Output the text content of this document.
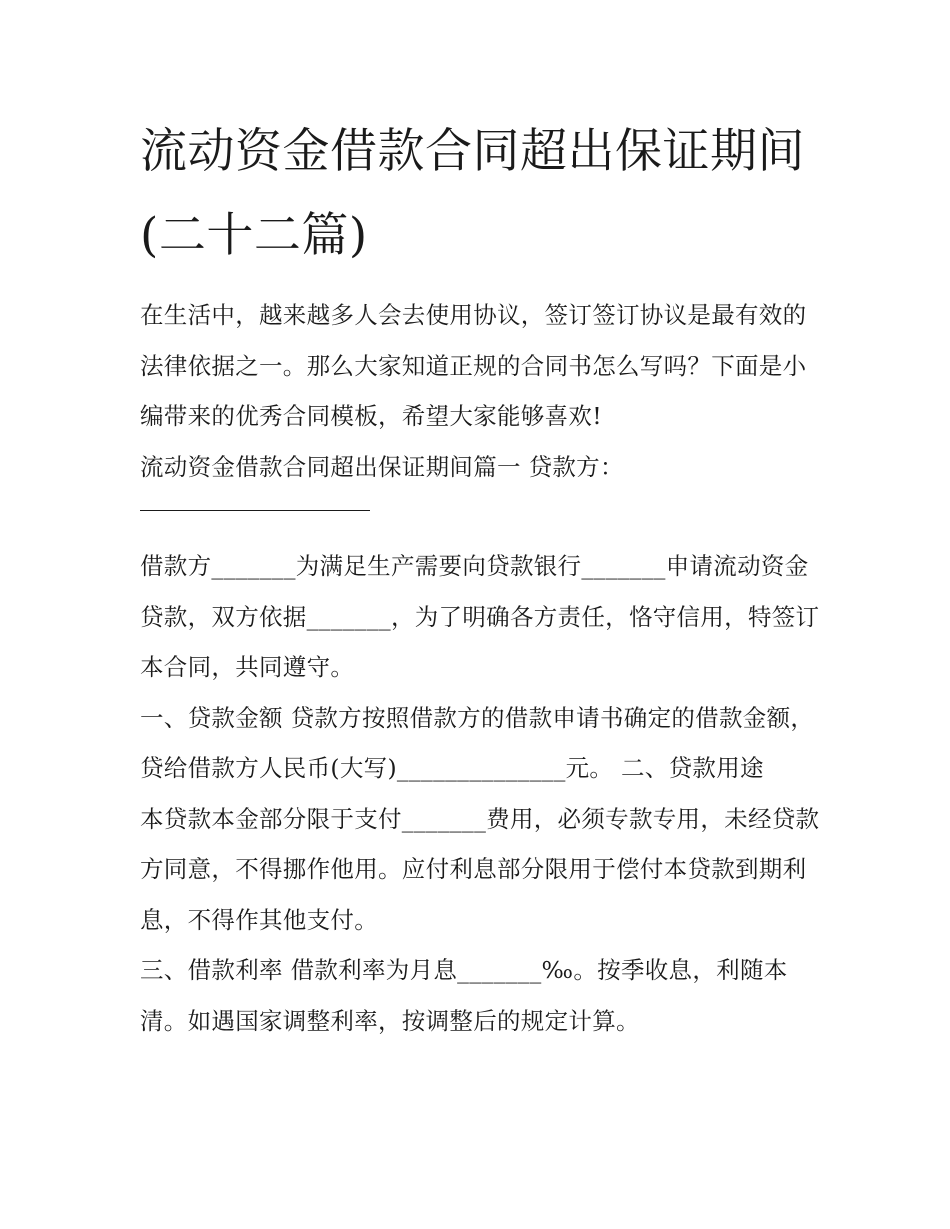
流动资金借款合同超出保证期间(二十二篇)

在生活中，越来越多人会去使用协议，签订签订协议是最有效的法律依据之一。那么大家知道正规的合同书怎么写吗？下面是小编带来的优秀合同模板，希望大家能够喜欢!

流动资金借款合同超出保证期间篇一 贷款方：

借款方_______为满足生产需要向贷款银行_______申请流动资金贷款，双方依据_______，为了明确各方责任，恪守信用，特签订本合同，共同遵守。

一、贷款金额 贷款方按照借款方的借款申请书确定的借款金额，贷给借款方人民币(大写)______________元。 二、贷款用途

本贷款本金部分限于支付_______费用，必须专款专用，未经贷款方同意，不得挪作他用。应付利息部分限用于偿付本贷款到期利息，不得作其他支付。

三、借款利率 借款利率为月息_______‰。按季收息，利随本清。如遇国家调整利率，按调整后的规定计算。
